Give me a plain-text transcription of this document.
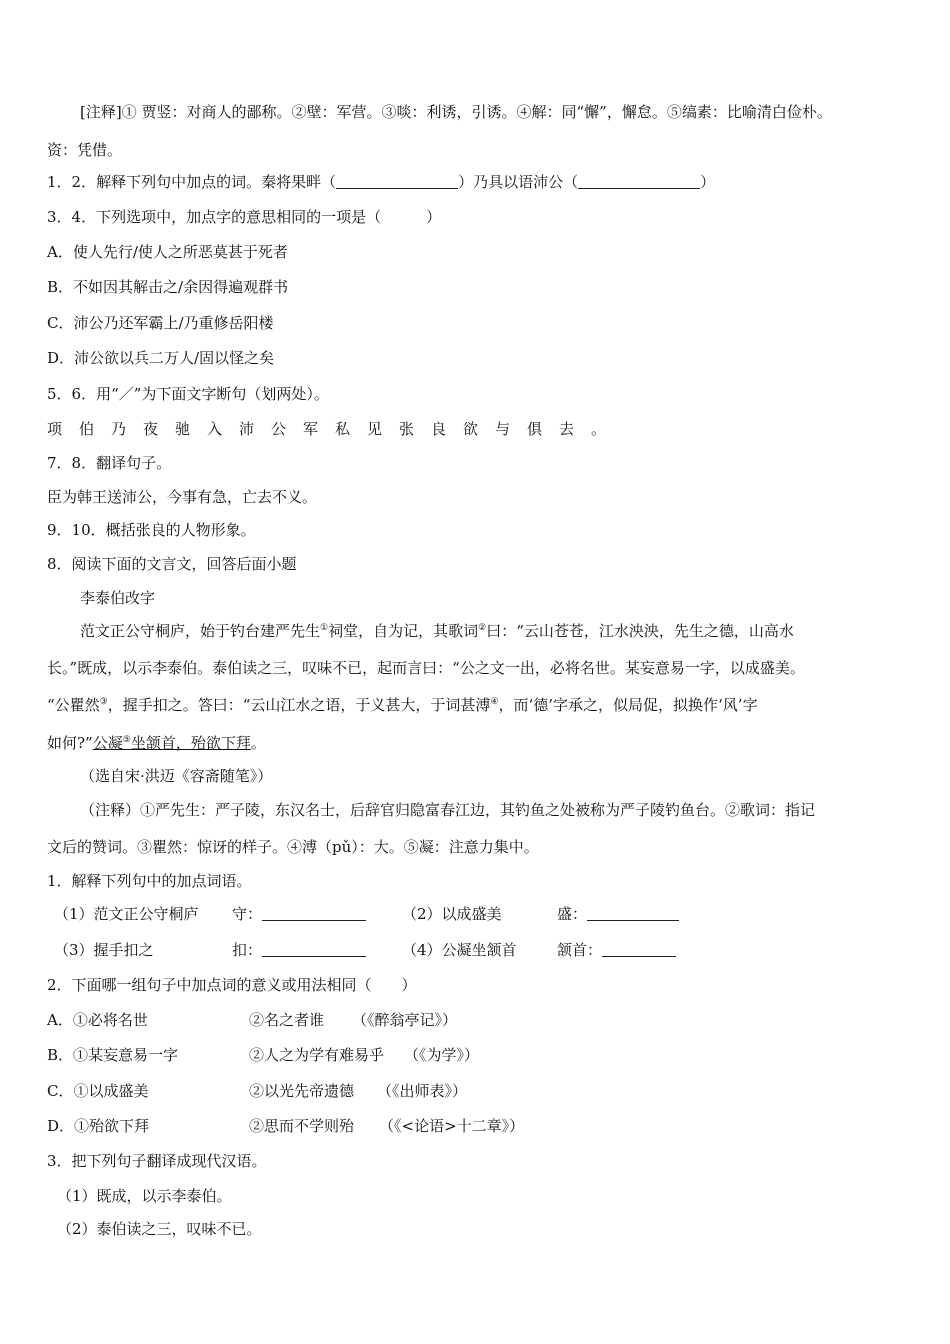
[注释]① 贾竖：对商人的鄙称。②壁：军营。③啖：利诱，引诱。④解：同“懈”，懈怠。⑤缟素：比喻清白俭朴。
资：凭借。
1．2．解释下列句中加点的词。秦将果畔（	）乃具以语沛公（	）
3．4．下列选项中，加点字的意思相同的一项是（　　　）
A．使人先行/使人之所恶莫甚于死者
B．不如因其解击之/余因得遍观群书
C．沛公乃还军霸上/乃重修岳阳楼
D．沛公欲以兵二万人/固以怪之矣
5．6．用“／”为下面文字断句（划两处）。
项伯乃夜驰入沛公军私见张良欲与俱去。
7．8．翻译句子。
臣为韩王送沛公，今事有急，亡去不义。
9．10．概括张良的人物形象。
8．阅读下面的文言文，回答后面小题
李泰伯改字
范文正公守桐庐，始于钓台建严先生①祠堂，自为记，其歌词②曰：“云山苍苍，江水泱泱，先生之德，山高水
长。”既成，以示李泰伯。泰伯读之三，叹味不已，起而言曰：“公之文一出，必将名世。某妄意易一字，以成盛美。
“公瞿然③，握手扣之。答曰：“云山江水之语，于义甚大，于词甚溥④，而‘德’字承之，似局促，拟换作‘风’字
如何?”公凝⑤坐颔首，殆欲下拜。
（选自宋·洪迈《容斋随笔》）
（注释）①严先生：严子陵，东汉名士，后辞官归隐富春江边，其钓鱼之处被称为严子陵钓鱼台。②歌词：指记
文后的赞词。③瞿然：惊讶的样子。④溥（pǔ）：大。⑤凝：注意力集中。
1．解释下列句中的加点词语。
（1）范文正公守桐庐 守：	（2）以成盛美	盛：
（3）握手扣之	扣：	（4）公凝坐颔首	颔首：
2．下面哪一组句子中加点词的意义或用法相同（　　）
A．①必将名世	②名之者谁 （《醉翁亭记》）
B．①某妄意易一字	②人之为学有难易乎 （《为学》）
C．①以成盛美	②以光先帝遗德 （《出师表》）
D．①殆欲下拜	②思而不学则殆 （《<论语>十二章》）
3．把下列句子翻译成现代汉语。
（1）既成，以示李泰伯。
（2）泰伯读之三，叹味不已。
